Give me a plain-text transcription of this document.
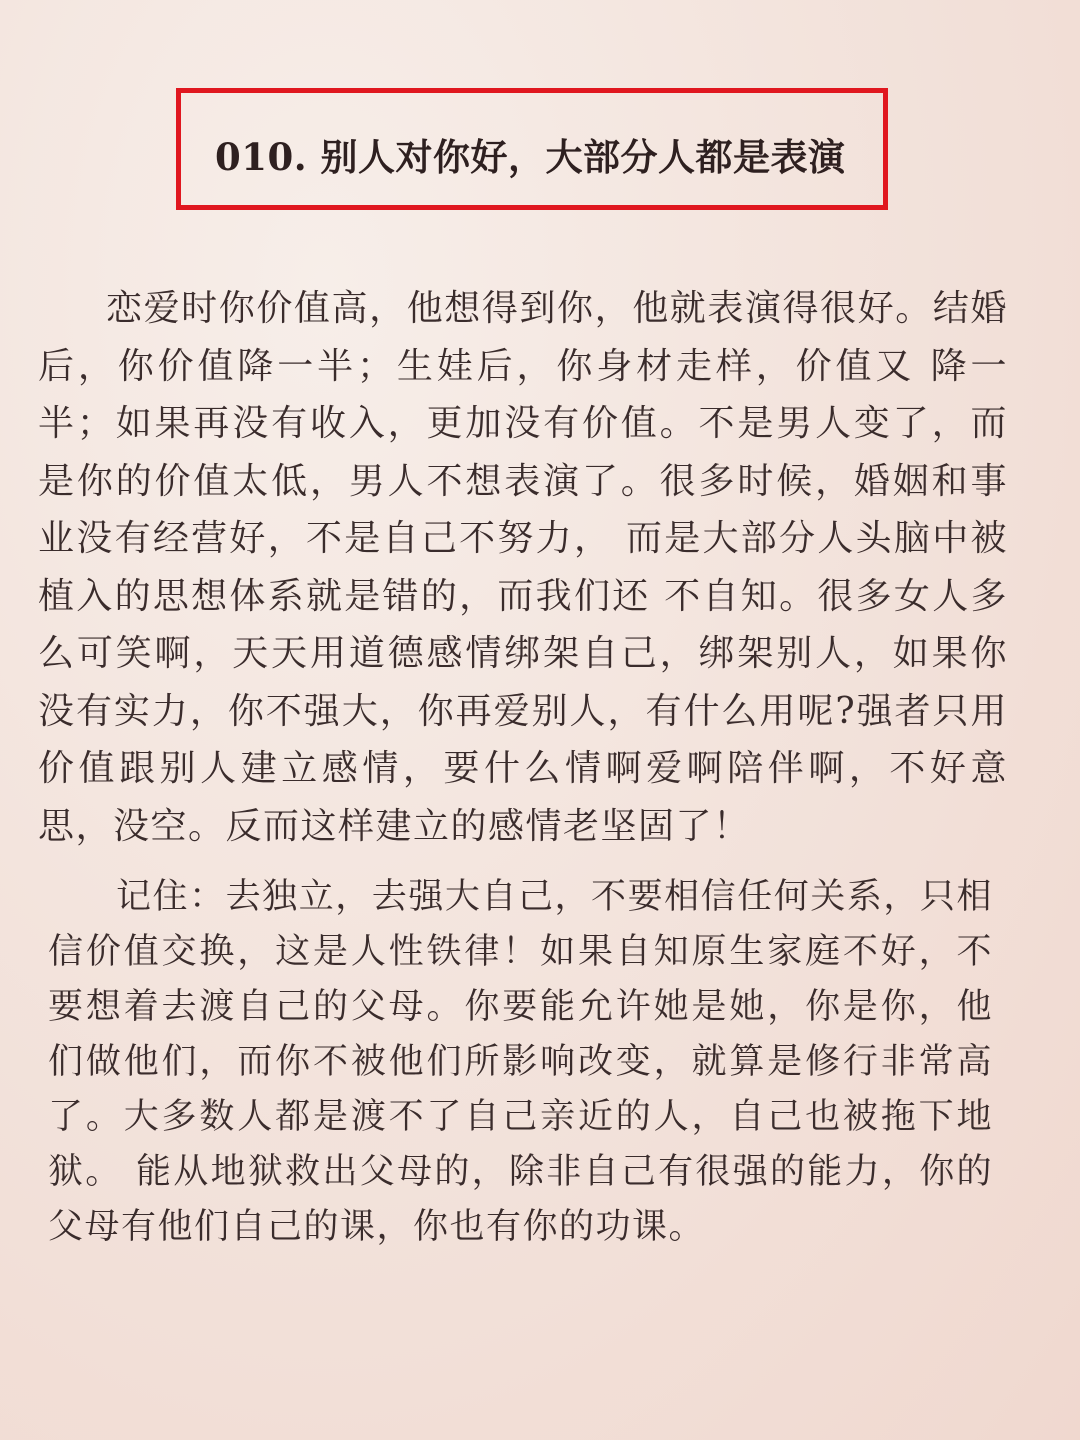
010. 别人对你好，大部分人都是表演

恋爱时你价值高，他想得到你，他就表演得很好。结婚后，你价值降一半；生娃后，你身材走样，价值又 降一半；如果再没有收入，更加没有价值。不是男人变了，而是你的价值太低，男人不想表演了。很多时候，婚姻和事业没有经营好，不是自己不努力， 而是大部分人头脑中被植入的思想体系就是错的，而我们还 不自知。很多女人多么可笑啊，天天用道德感情绑架自己，绑架别人，如果你没有实力，你不强大，你再爱别人，有什么用呢?强者只用价值跟别人建立感情，要什么情啊爱啊陪伴啊，不好意思，没空。反而这样建立的感情老坚固了！

记住：去独立，去强大自己，不要相信任何关系，只相信价值交换，这是人性铁律！如果自知原生家庭不好，不要想着去渡自己的父母。你要能允许她是她，你是你，他们做他们，而你不被他们所影响改变，就算是修行非常高了。大多数人都是渡不了自己亲近的人，自己也被拖下地狱。 能从地狱救出父母的，除非自己有很强的能力，你的父母有他们自己的课，你也有你的功课。
